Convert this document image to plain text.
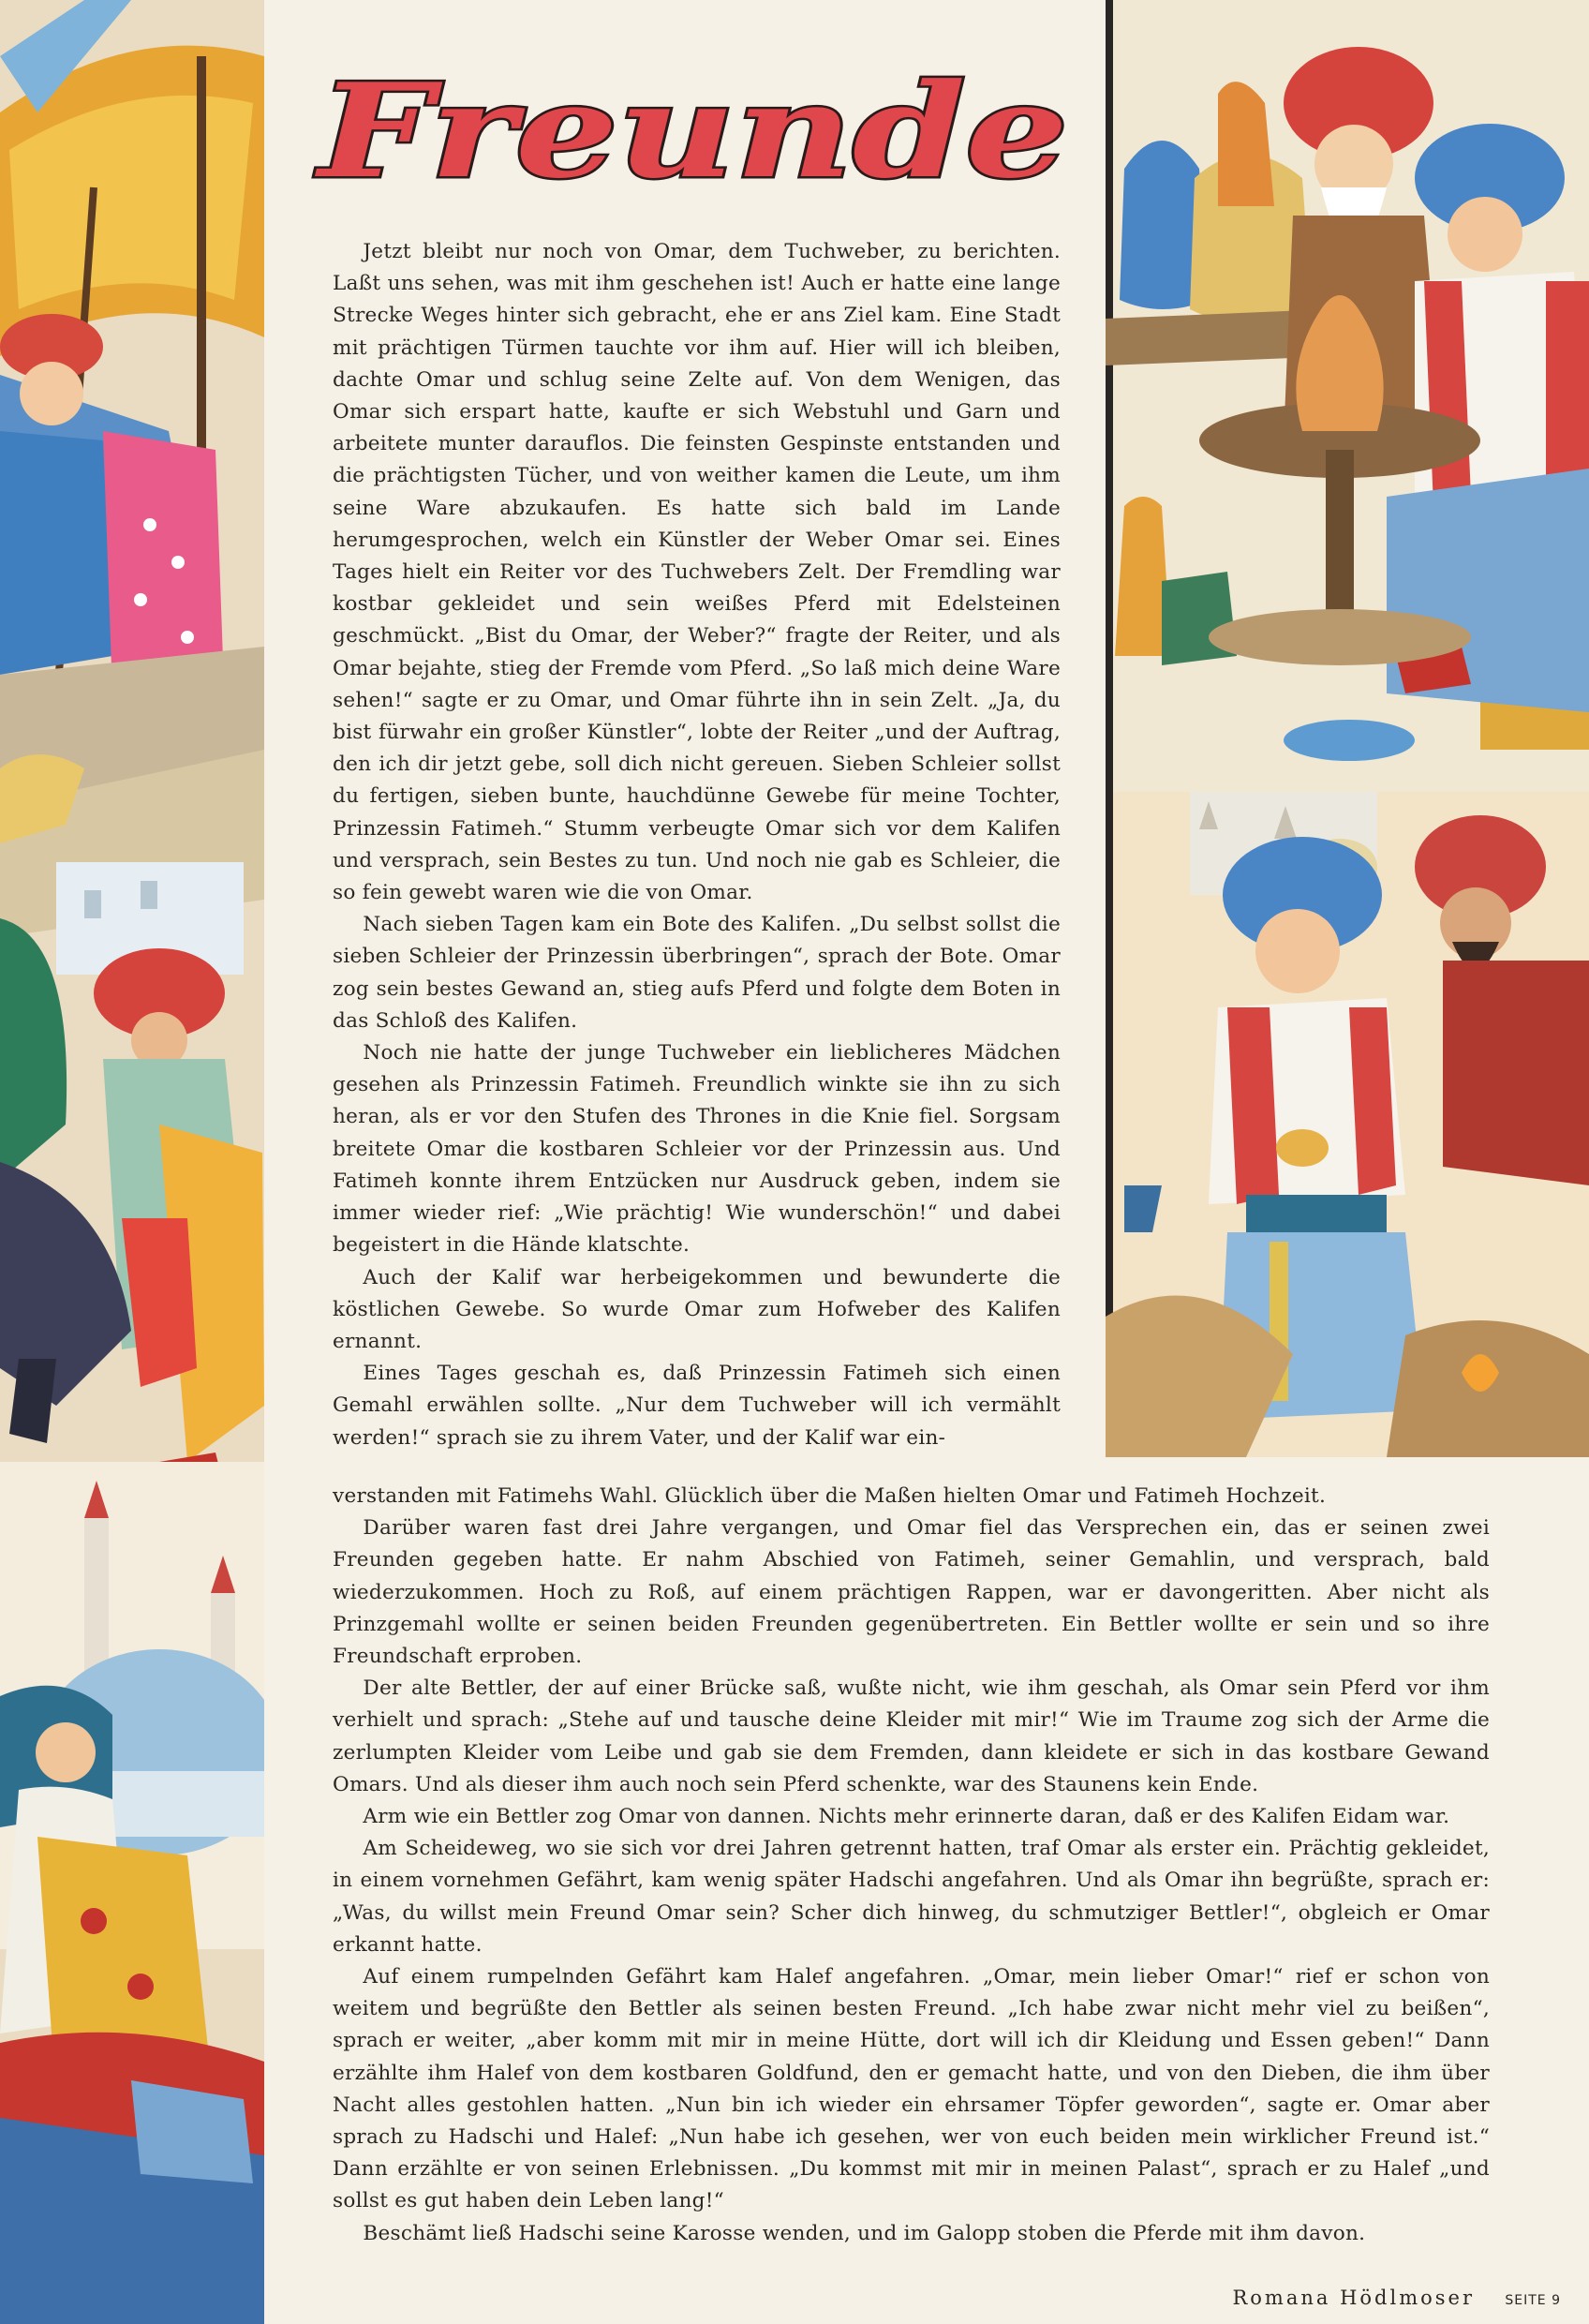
Freunde

Jetzt bleibt nur noch von Omar, dem Tuchweber, zu berichten. Laßt uns sehen, was mit ihm geschehen ist! Auch er hatte eine lange Strecke Weges hinter sich gebracht, ehe er ans Ziel kam. Eine Stadt mit prächtigen Türmen tauchte vor ihm auf. Hier will ich bleiben, dachte Omar und schlug seine Zelte auf. Von dem Wenigen, das Omar sich erspart hatte, kaufte er sich Webstuhl und Garn und arbeitete munter darauflos. Die feinsten Gespinste entstanden und die prächtigsten Tücher, und von weither kamen die Leute, um ihm seine Ware abzukaufen. Es hatte sich bald im Lande herumgesprochen, welch ein Künstler der Weber Omar sei. Eines Tages hielt ein Reiter vor des Tuchwebers Zelt. Der Fremdling war kostbar gekleidet und sein weißes Pferd mit Edelsteinen geschmückt. „Bist du Omar, der Weber?“ fragte der Reiter, und als Omar bejahte, stieg der Fremde vom Pferd. „So laß mich deine Ware sehen!“ sagte er zu Omar, und Omar führte ihn in sein Zelt. „Ja, du bist fürwahr ein großer Künstler“, lobte der Reiter „und der Auftrag, den ich dir jetzt gebe, soll dich nicht gereuen. Sieben Schleier sollst du fertigen, sieben bunte, hauchdünne Gewebe für meine Tochter, Prinzessin Fatimeh.“ Stumm verbeugte Omar sich vor dem Kalifen und versprach, sein Bestes zu tun. Und noch nie gab es Schleier, die so fein gewebt waren wie die von Omar.

Nach sieben Tagen kam ein Bote des Kalifen. „Du selbst sollst die sieben Schleier der Prinzessin überbringen“, sprach der Bote. Omar zog sein bestes Gewand an, stieg aufs Pferd und folgte dem Boten in das Schloß des Kalifen.

Noch nie hatte der junge Tuchweber ein lieblicheres Mädchen gesehen als Prinzessin Fatimeh. Freundlich winkte sie ihn zu sich heran, als er vor den Stufen des Thrones in die Knie fiel. Sorgsam breitete Omar die kostbaren Schleier vor der Prinzessin aus. Und Fatimeh konnte ihrem Entzücken nur Ausdruck geben, indem sie immer wieder rief: „Wie prächtig! Wie wunderschön!“ und dabei begeistert in die Hände klatschte.

Auch der Kalif war herbeigekommen und bewunderte die köstlichen Gewebe. So wurde Omar zum Hofweber des Kalifen ernannt.

Eines Tages geschah es, daß Prinzessin Fatimeh sich einen Gemahl erwählen sollte. „Nur dem Tuchweber will ich vermählt werden!“ sprach sie zu ihrem Vater, und der Kalif war ein-

verstanden mit Fatimehs Wahl. Glücklich über die Maßen hielten Omar und Fatimeh Hochzeit.

Darüber waren fast drei Jahre vergangen, und Omar fiel das Versprechen ein, das er seinen zwei Freunden gegeben hatte. Er nahm Abschied von Fatimeh, seiner Gemahlin, und versprach, bald wiederzukommen. Hoch zu Roß, auf einem prächtigen Rappen, war er davongeritten. Aber nicht als Prinzgemahl wollte er seinen beiden Freunden gegenübertreten. Ein Bettler wollte er sein und so ihre Freundschaft erproben.

Der alte Bettler, der auf einer Brücke saß, wußte nicht, wie ihm geschah, als Omar sein Pferd vor ihm verhielt und sprach: „Stehe auf und tausche deine Kleider mit mir!“ Wie im Traume zog sich der Arme die zerlumpten Kleider vom Leibe und gab sie dem Fremden, dann kleidete er sich in das kostbare Gewand Omars. Und als dieser ihm auch noch sein Pferd schenkte, war des Staunens kein Ende.

Arm wie ein Bettler zog Omar von dannen. Nichts mehr erinnerte daran, daß er des Kalifen Eidam war.

Am Scheideweg, wo sie sich vor drei Jahren getrennt hatten, traf Omar als erster ein. Prächtig gekleidet, in einem vornehmen Gefährt, kam wenig später Hadschi angefahren. Und als Omar ihn begrüßte, sprach er: „Was, du willst mein Freund Omar sein? Scher dich hinweg, du schmutziger Bettler!“, obgleich er Omar erkannt hatte.

Auf einem rumpelnden Gefährt kam Halef angefahren. „Omar, mein lieber Omar!“ rief er schon von weitem und begrüßte den Bettler als seinen besten Freund. „Ich habe zwar nicht mehr viel zu beißen“, sprach er weiter, „aber komm mit mir in meine Hütte, dort will ich dir Kleidung und Essen geben!“ Dann erzählte ihm Halef von dem kostbaren Goldfund, den er gemacht hatte, und von den Dieben, die ihm über Nacht alles gestohlen hatten. „Nun bin ich wieder ein ehrsamer Töpfer geworden“, sagte er. Omar aber sprach zu Hadschi und Halef: „Nun habe ich gesehen, wer von euch beiden mein wirklicher Freund ist.“ Dann erzählte er von seinen Erlebnissen. „Du kommst mit mir in meinen Palast“, sprach er zu Halef „und sollst es gut haben dein Leben lang!“

Beschämt ließ Hadschi seine Karosse wenden, und im Galopp stoben die Pferde mit ihm davon.

Romana Hödlmoser SEITE 9
